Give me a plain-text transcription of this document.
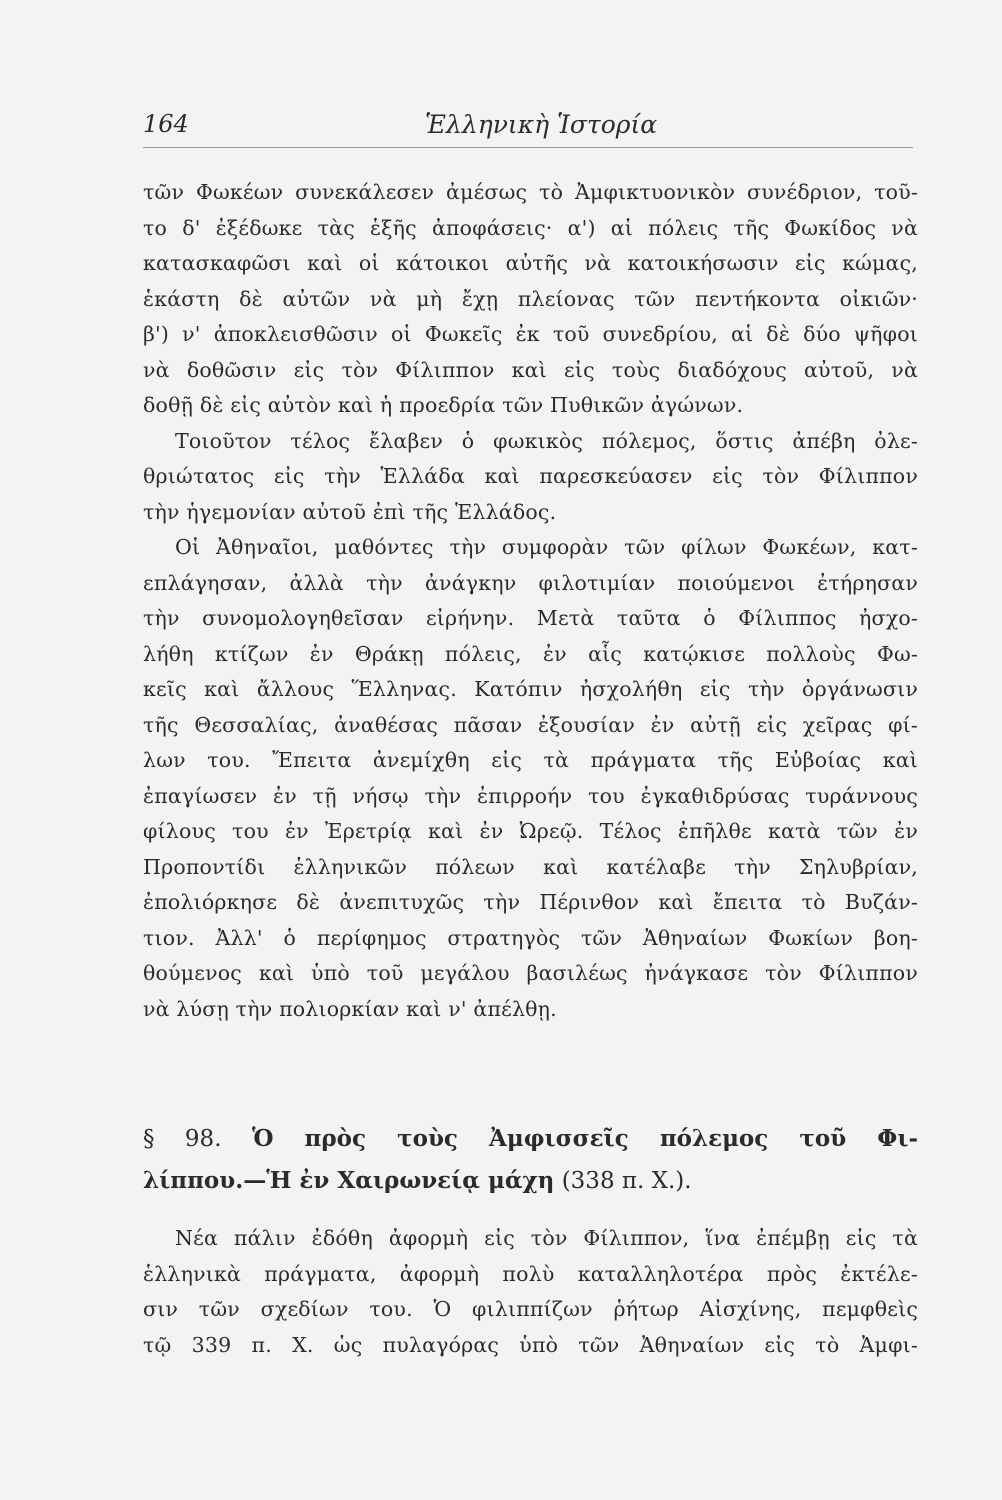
164	Ἑλληνικὴ Ἱστορία
τῶν Φωκέων συνεκάλεσεν ἀμέσως τὸ Ἀμφικτυονικὸν συνέδριον, τοῦ-
το δ' ἐξέδωκε τὰς ἑξῆς ἀποφάσεις· α') αἱ πόλεις τῆς Φωκίδος νὰ
κατασκαφῶσι καὶ οἱ κάτοικοι αὐτῆς νὰ κατοικήσωσιν εἰς κώμας,
ἑκάστη δὲ αὐτῶν νὰ μὴ ἔχῃ πλείονας τῶν πεντήκοντα οἰκιῶν·
β') ν' ἀποκλεισθῶσιν οἱ Φωκεῖς ἐκ τοῦ συνεδρίου, αἱ δὲ δύο ψῆφοι
νὰ δοθῶσιν εἰς τὸν Φίλιππον καὶ εἰς τοὺς διαδόχους αὐτοῦ, νὰ
δοθῇ δὲ εἰς αὐτὸν καὶ ἡ προεδρία τῶν Πυθικῶν ἀγώνων.
Τοιοῦτον τέλος ἔλαβεν ὁ φωκικὸς πόλεμος, ὅστις ἀπέβη ὀλε-
θριώτατος εἰς τὴν Ἑλλάδα καὶ παρεσκεύασεν εἰς τὸν Φίλιππον
τὴν ἡγεμονίαν αὐτοῦ ἐπὶ τῆς Ἑλλάδος.
Οἱ Ἀθηναῖοι, μαθόντες τὴν συμφορὰν τῶν φίλων Φωκέων, κατ-
επλάγησαν, ἀλλὰ τὴν ἀνάγκην φιλοτιμίαν ποιούμενοι ἐτήρησαν
τὴν συνομολογηθεῖσαν εἰρήνην. Μετὰ ταῦτα ὁ Φίλιππος ἠσχο-
λήθη κτίζων ἐν Θράκῃ πόλεις, ἐν αἷς κατῴκισε πολλοὺς Φω-
κεῖς καὶ ἄλλους Ἕλληνας. Κατόπιν ἠσχολήθη εἰς τὴν ὀργάνωσιν
τῆς Θεσσαλίας, ἀναθέσας πᾶσαν ἐξουσίαν ἐν αὐτῇ εἰς χεῖρας φί-
λων του. Ἔπειτα ἀνεμίχθη εἰς τὰ πράγματα τῆς Εὐβοίας καὶ
ἐπαγίωσεν ἐν τῇ νήσῳ τὴν ἐπιρροήν του ἐγκαθιδρύσας τυράννους
φίλους του ἐν Ἐρετρίᾳ καὶ ἐν Ὠρεῷ. Τέλος ἐπῆλθε κατὰ τῶν ἐν
Προποντίδι ἑλληνικῶν πόλεων καὶ κατέλαβε τὴν Σηλυβρίαν,
ἐπολιόρκησε δὲ ἀνεπιτυχῶς τὴν Πέρινθον καὶ ἔπειτα τὸ Βυζάν-
τιον. Ἀλλ' ὁ περίφημος στρατηγὸς τῶν Ἀθηναίων Φωκίων βοη-
θούμενος καὶ ὑπὸ τοῦ μεγάλου βασιλέως ἠνάγκασε τὸν Φίλιππον
νὰ λύσῃ τὴν πολιορκίαν καὶ ν' ἀπέλθῃ.
§ 98. Ὁ πρὸς τοὺς Ἀμφισσεῖς πόλεμος τοῦ Φι-
λίππου.—Ἡ ἐν Χαιρωνείᾳ μάχη (338 π. Χ.).
Νέα πάλιν ἐδόθη ἀφορμὴ εἰς τὸν Φίλιππον, ἵνα ἐπέμβῃ εἰς τὰ
ἑλληνικὰ πράγματα, ἀφορμὴ πολὺ καταλληλοτέρα πρὸς ἐκτέλε-
σιν τῶν σχεδίων του. Ὁ φιλιππίζων ῥήτωρ Αἰσχίνης, πεμφθεὶς
τῷ 339 π. Χ. ὡς πυλαγόρας ὑπὸ τῶν Ἀθηναίων εἰς τὸ Ἀμφι-
